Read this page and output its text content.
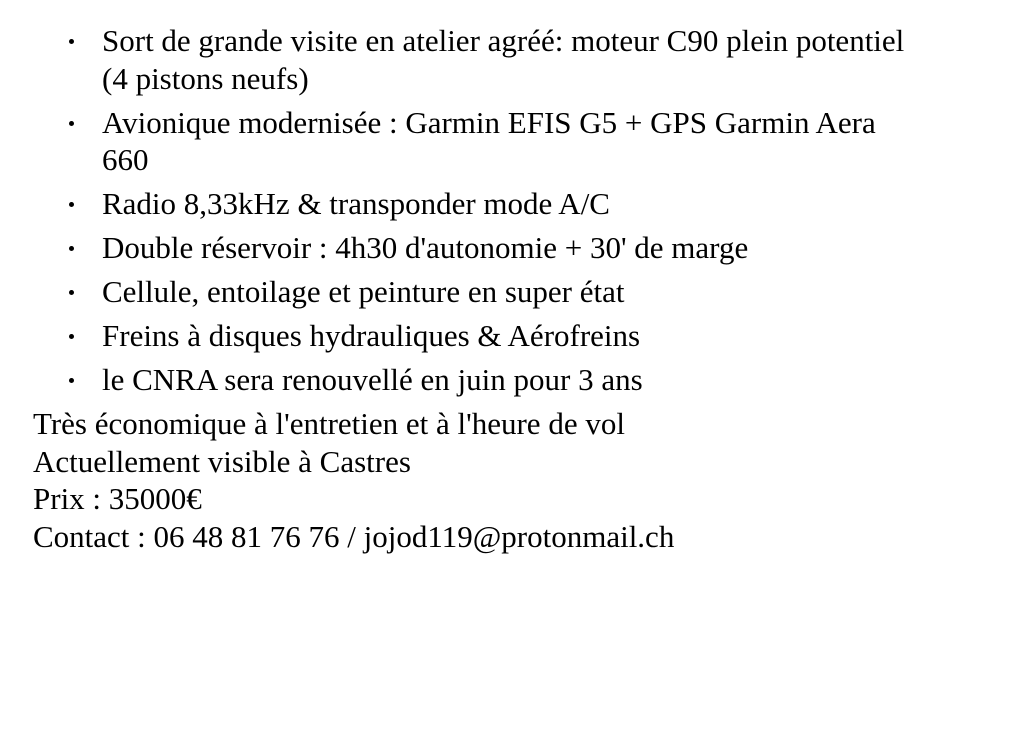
Sort de grande visite en atelier agréé: moteur C90 plein potentiel (4 pistons neufs)
Avionique modernisée : Garmin EFIS G5 + GPS Garmin Aera 660
Radio 8,33kHz & transponder mode A/C
Double réservoir : 4h30 d'autonomie + 30' de marge
Cellule, entoilage et peinture en super état
Freins à disques hydrauliques & Aérofreins
le CNRA sera renouvellé en juin pour 3 ans

Très économique à l'entretien et à l'heure de vol

Actuellement visible à Castres

Prix : 35000€

Contact : 06 48 81 76 76 / jojod119@protonmail.ch
